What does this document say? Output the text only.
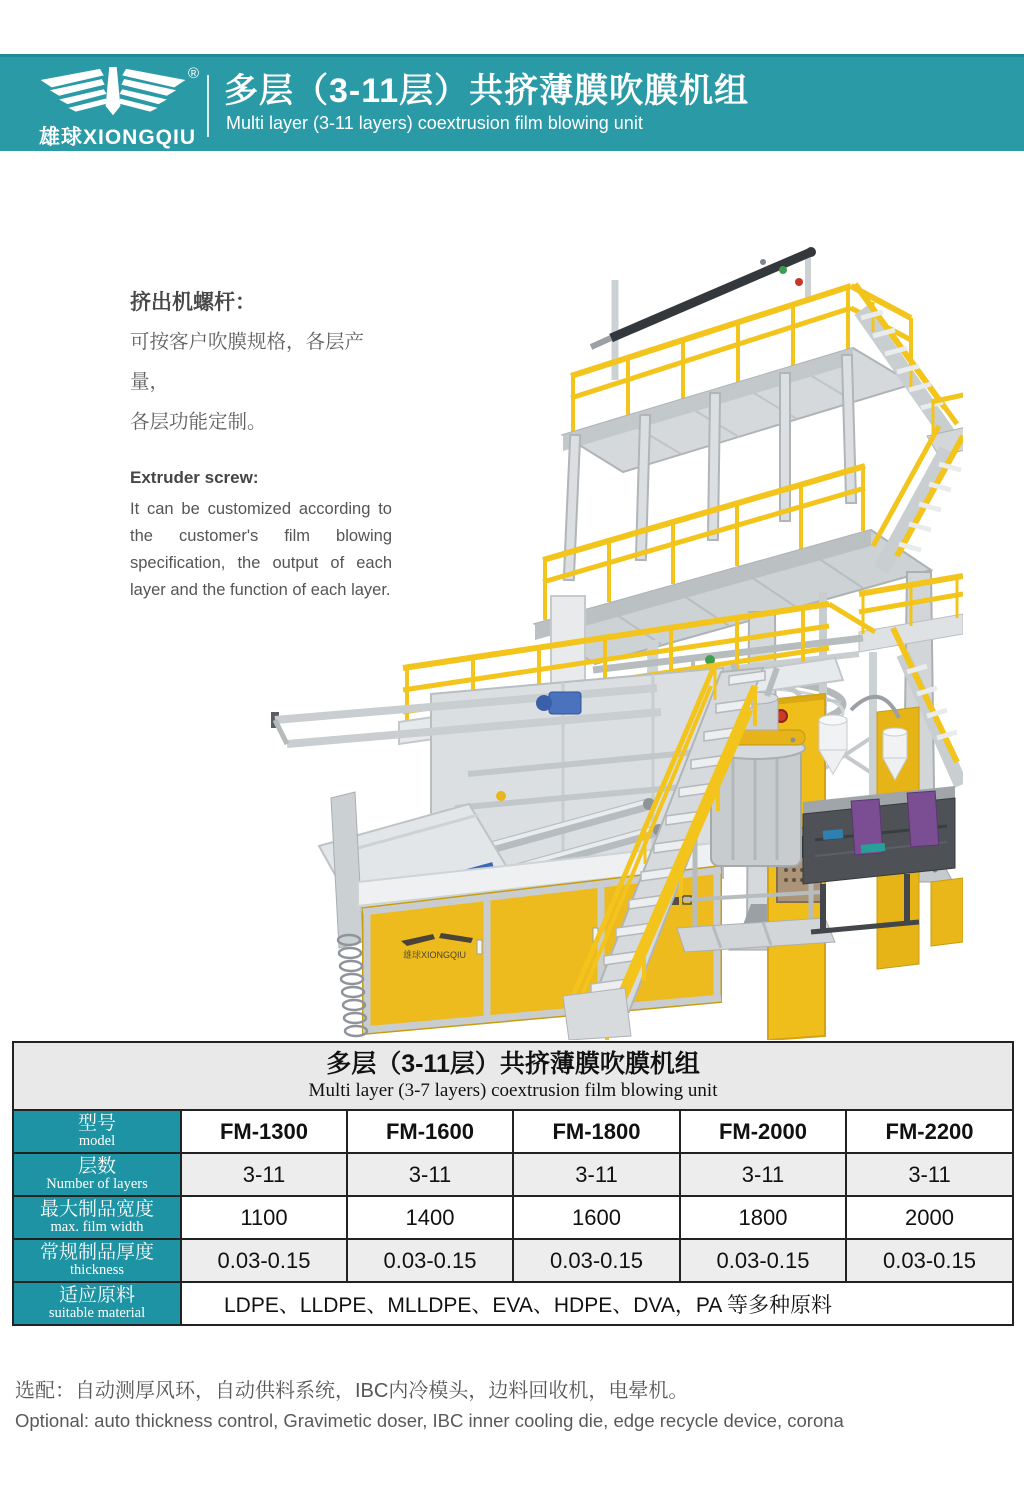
®
雄球XIONGQIU
多层（3-11层）共挤薄膜吹膜机组
Multi layer (3-11 layers) coextrusion film blowing unit
挤出机螺杆：
可按客户吹膜规格，各层产量，
各层功能定制。
Extruder screw:
It can be customized according to the customer's film blowing specification, the output of each layer and the function of each layer.
雄球XIONGQIU
多层（3-11层）共挤薄膜吹膜机组
Multi layer (3-7 layers) coextrusion film blowing unit					

型号
model	FM-1300	FM-1600	FM-1800	FM-2000	FM-2200

层数
Number of layers	3-11	3-11	3-11	3-11	3-11

最大制品宽度
max. film width	1100	1400	1600	1800	2000

常规制品厚度
thickness	0.03-0.15	0.03-0.15	0.03-0.15	0.03-0.15	0.03-0.15

适应原料
suitable material	LDPE、LLDPE、MLLDPE、EVA、HDPE、DVA，PA 等多种原料				
选配：自动测厚风环，自动供料系统，IBC内冷模头，边料回收机，电晕机。
Optional: auto thickness control, Gravimetic doser, IBC inner cooling die, edge recycle device, corona
